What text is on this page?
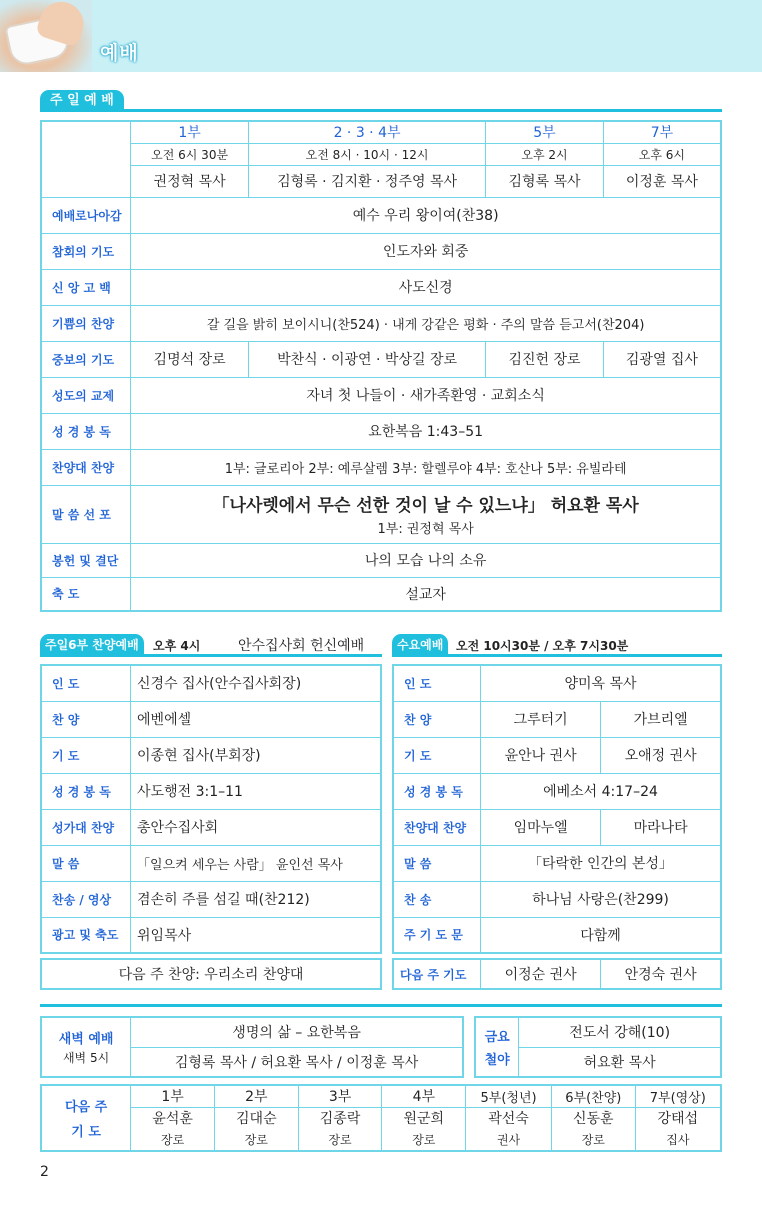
예배
주 일 예 배
	1부	2 · 3 · 4부	5부	7부
	오전 6시 30분	오전 8시 · 10시 · 12시	오후 2시	오후 6시
	권정혁 목사	김형록 · 김지환 · 정주영 목사	김형록 목사	이정훈 목사
예배로나아감	예수 우리 왕이여(찬38)			
참회의 기도	인도자와 회중			
신 앙 고 백	사도신경			
기쁨의 찬양	갈 길을 밝히 보이시니(찬524) · 내게 강같은 평화 · 주의 말씀 듣고서(찬204)			
중보의 기도	김명석 장로	박찬식 · 이광연 · 박상길 장로	김진헌 장로	김광열 집사
성도의 교제	자녀 첫 나들이 · 새가족환영 · 교회소식			
성 경 봉 독	요한복음 1:43–51			
찬양대 찬양	1부: 글로리아 2부: 예루살렘 3부: 할렐루야 4부: 호산나 5부: 유빌라테			
말 씀 선 포	「나사렛에서 무슨 선한 것이 날 수 있느냐」 허요환 목사
1부: 권정혁 목사			

봉헌 및 결단	나의 모습 나의 소유			
축 도	설교자			
주일6부 찬양예배	오후 4시	안수집사회 헌신예배
인 도	신경수 집사(안수집사회장)
찬 양	에벤에셀
기 도	이종현 집사(부회장)
성 경 봉 독	사도행전 3:1–11
성가대 찬양	총안수집사회
말 씀	「일으켜 세우는 사람」 윤인선 목사
찬송 / 영상	겸손히 주를 섬길 때(찬212)
광고 및 축도	위임목사
다음 주 찬양: 우리소리 찬양대
수요예배	오전 10시30분 / 오후 7시30분
인 도	양미옥 목사	
찬 양	그루터기	가브리엘
기 도	윤안나 권사	오애정 권사
성 경 봉 독	에베소서 4:17–24	
찬양대 찬양	임마누엘	마라나타
말 씀	「타락한 인간의 본성」	
찬 송	하나님 사랑은(찬299)	
주 기 도 문	다함께	
다음 주 기도	이정순 권사	안경숙 권사
새벽 예배
새벽 5시
	생명의 삶 – 요한복음
김형록 목사 / 허요환 목사 / 이정훈 목사
금요
철야
	전도서 강해(10)
허요환 목사
다음 주
기 도	1부	2부	3부	4부	5부(청년)	6부(찬양)	7부(영상)
	윤석훈	김대순	김종락	원군희	곽선숙	신동훈	강태섭
	장로	장로	장로	장로	권사	장로	집사
2
